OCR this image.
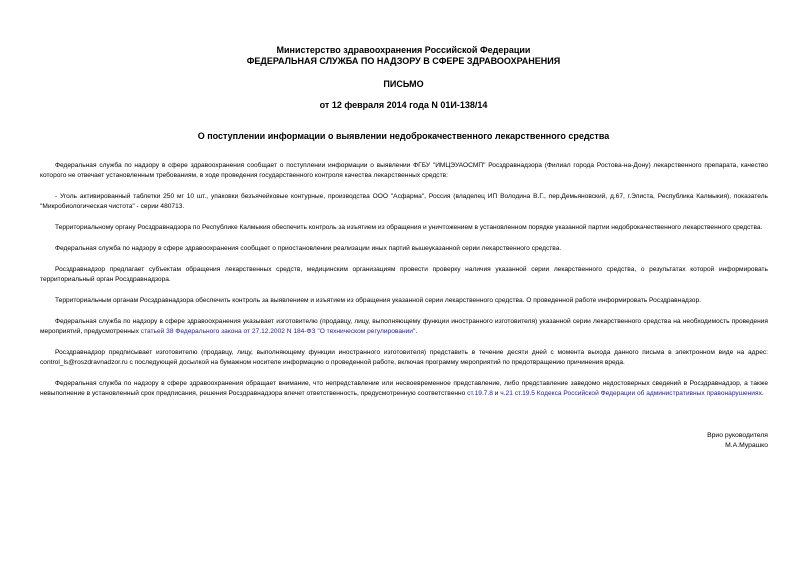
Министерство здравоохранения Российской Федерации
ФЕДЕРАЛЬНАЯ СЛУЖБА ПО НАДЗОРУ В СФЕРЕ ЗДРАВООХРАНЕНИЯ
ПИСЬМО
от 12 февраля 2014 года N 01И-138/14
О поступлении информации о выявлении недоброкачественного лекарственного средства

Федеральная служба по надзору в сфере здравоохранения сообщает о поступлении информации о выявлении ФГБУ "ИМЦЭУАОСМП" Росздравнадзора (Филиал города Ростова-на-Дону) лекарственного препарата, качество которого не отвечает установленным требованиям, в ходе проведения государственного контроля качества лекарственных средств:

- Уголь активированный таблетки 250 мг 10 шт., упаковки безъячейковые контурные, производства ООО "Асфарма", Россия (владелец ИП Володина В.Г., пер.Демьяновский, д.67, г.Элиста, Республика Калмыкия), показатель "Микробиологическая чистота" - серии 480713.

Территориальному органу Росздравнадзора по Республике Калмыкия обеспечить контроль за изъятием из обращения и уничтожением в установленном порядке указанной партии недоброкачественного лекарственного средства.

Федеральная служба по надзору в сфере здравоохранения сообщает о приостановлении реализации иных партий вышеуказанной серии лекарственного средства.

Росздравнадзор предлагает субъектам обращения лекарственных средств, медицинским организациям провести проверку наличия указанной серии лекарственного средства, о результатах которой информировать территориальный орган Росздравнадзора.

Территориальным органам Росздравнадзора обеспечить контроль за выявлением и изъятием из обращения указанной серии лекарственного средства. О проведенной работе информировать Росздравнадзор.

Федеральная служба по надзору в сфере здравоохранения указывает изготовителю (продавцу, лицу, выполняющему функции иностранного изготовителя) указанной серии лекарственного средства на необходимость проведения мероприятий, предусмотренных статьей 38 Федерального закона от 27.12.2002 N 184-ФЗ "О техническом регулировании".

Росздравнадзор предписывает изготовителю (продавцу, лицу, выполняющему функции иностранного изготовителя) представить в течение десяти дней с момента выхода данного письма в электронном виде на адрес: control_ls@roszdravnadzor.ru с последующей досылкой на бумажном носителе информацию о проведенной работе, включая программу мероприятий по предотвращению причинения вреда.

Федеральная служба по надзору в сфере здравоохранения обращает внимание, что непредставление или несвоевременное представление, либо представление заведомо недостоверных сведений в Росздравнадзор, а также невыполнение в установленный срок предписания, решения Росздравнадзора влечет ответственность, предусмотренную соответственно ст.19.7.8 и ч.21 ст.19.5 Кодекса Российской Федерации об административных правонарушениях.

Врио руководителя
М.А.Мурашко
